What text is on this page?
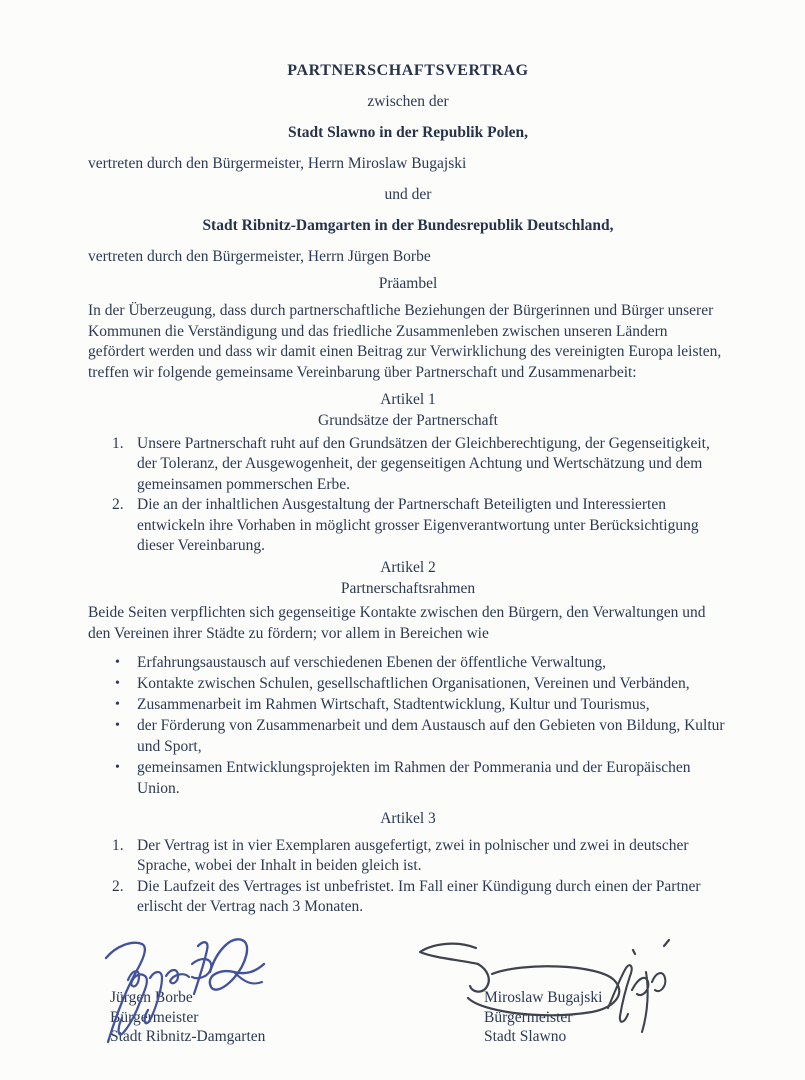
PARTNERSCHAFTSVERTRAG
zwischen der
Stadt Slawno in der Republik Polen,
vertreten durch den Bürgermeister, Herrn Miroslaw Bugajski
und der
Stadt Ribnitz-Damgarten in der Bundesrepublik Deutschland,
vertreten durch den Bürgermeister, Herrn Jürgen Borbe
Präambel

In der Überzeugung, dass durch partnerschaftliche Beziehungen der Bürgerinnen und Bürger unserer Kommunen die Verständigung und das friedliche Zusammenleben zwischen unseren Ländern gefördert werden und dass wir damit einen Beitrag zur Verwirklichung des vereinigten Europa leisten, treffen wir folgende gemeinsame Vereinbarung über Partnerschaft und Zusammenarbeit:

Artikel 1
Grundsätze der Partnerschaft
1. Unsere Partnerschaft ruht auf den Grundsätzen der Gleichberechtigung, der Gegenseitigkeit, der Toleranz, der Ausgewogenheit, der gegenseitigen Achtung und Wertschätzung und dem gemeinsamen pommerschen Erbe.
2. Die an der inhaltlichen Ausgestaltung der Partnerschaft Beteiligten und Interessierten entwickeln ihre Vorhaben in möglicht grosser Eigenverantwortung unter Berücksichtigung dieser Vereinbarung.
Artikel 2
Partnerschaftsrahmen

Beide Seiten verpflichten sich gegenseitige Kontakte zwischen den Bürgern, den Verwaltungen und den Vereinen ihrer Städte zu fördern; vor allem in Bereichen wie

•	Erfahrungsaustausch auf verschiedenen Ebenen der öffentliche Verwaltung,
•	Kontakte zwischen Schulen, gesellschaftlichen Organisationen, Vereinen und Verbänden,
•	Zusammenarbeit im Rahmen Wirtschaft, Stadtentwicklung, Kultur und Tourismus,
•	der Förderung von Zusammenarbeit und dem Austausch auf den Gebieten von Bildung, Kultur und Sport,
•	gemeinsamen Entwicklungsprojekten im Rahmen der Pommerania und der Europäischen Union.
Artikel 3
1. Der Vertrag ist in vier Exemplaren ausgefertigt, zwei in polnischer und zwei in deutscher Sprache, wobei der Inhalt in beiden gleich ist.
2. Die Laufzeit des Vertrages ist unbefristet. Im Fall einer Kündigung durch einen der Partner erlischt der Vertrag nach 3 Monaten.
Jürgen Borbe
Bürgermeister
Stadt Ribnitz-Damgarten
Miroslaw Bugajski
Bürgermeister
Stadt Slawno
